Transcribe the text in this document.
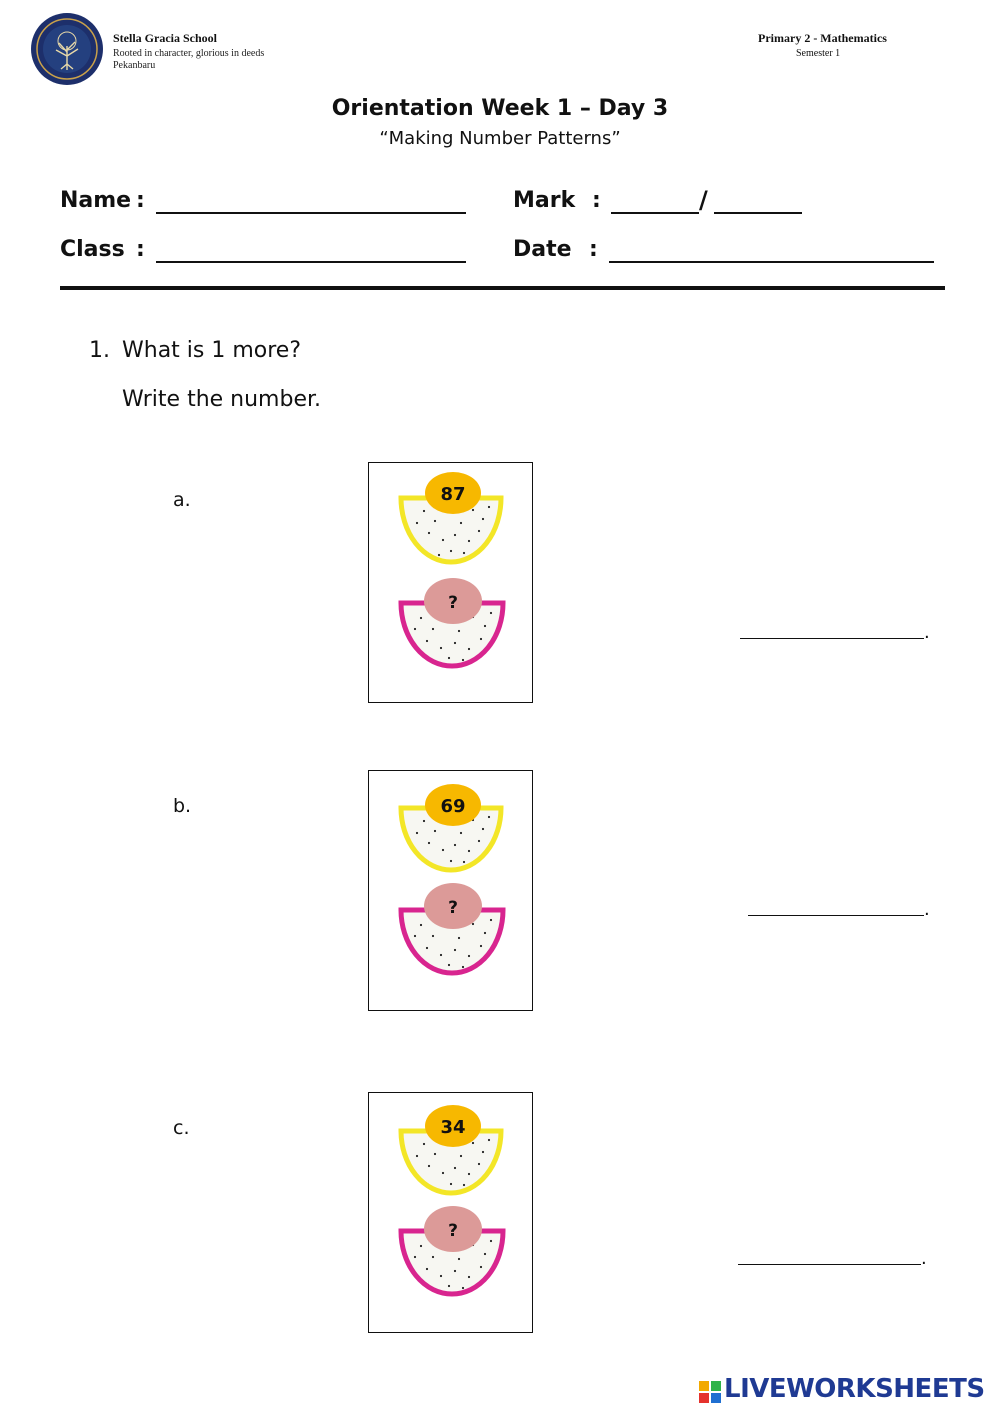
Stella Gracia School
Rooted in character, glorious in deeds
Pekanbaru
Primary 2 - Mathematics
Semester 1
Orientation Week 1 – Day 3
“Making Number Patterns”
Name :	Mark :	/
Class :	Date :
1. What is 1 more?
Write the number.
a.	87
?
.
b.	69
?	.
c.	34
?
.
LIVEWORKSHEETS
